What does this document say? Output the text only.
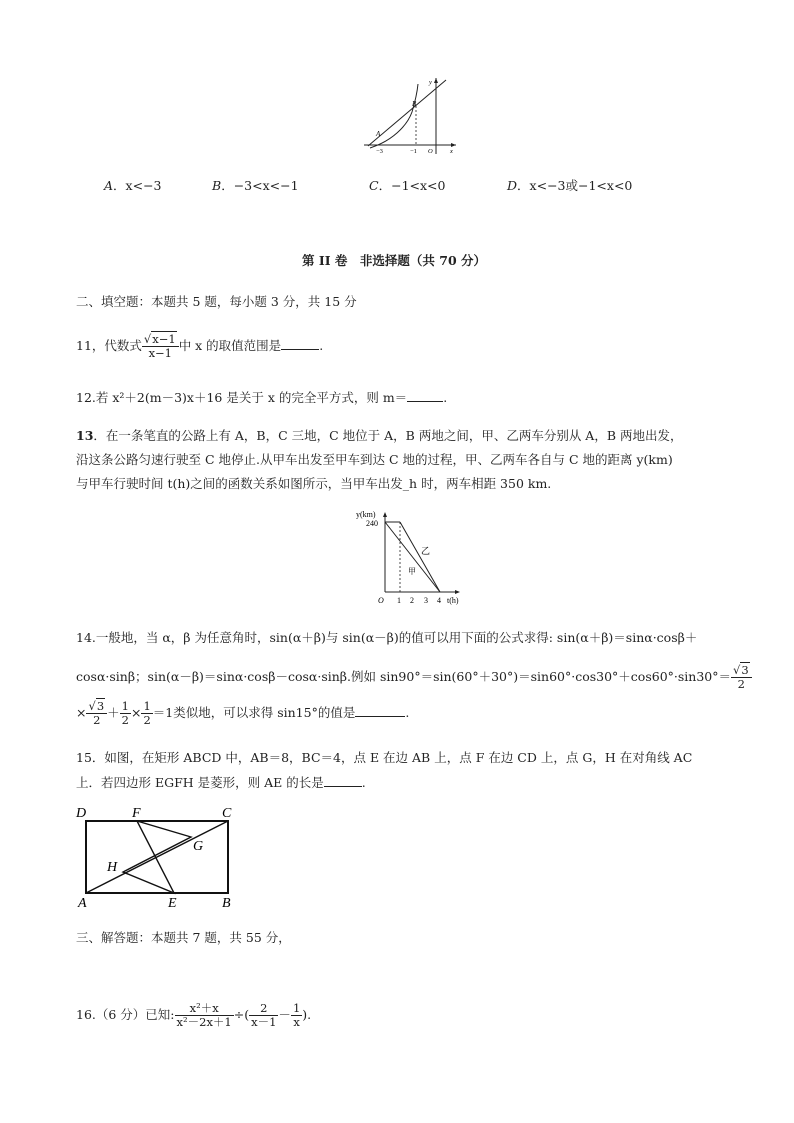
A
B
−3	−1 O	x
y
A．x<−3	B．−3<x<−1	C．−1<x<0	D．x<−3或−1<x<0
第 II 卷　非选择题（共 70 分）
二、填空题：本题共 5 题，每小题 3 分，共 15 分
11，代数式 $\frac{√x-1}{x-1}$ 中 x 的取值范围是	.
12.若 x²＋2(m－3)x＋16 是关于 x 的完全平方式，则 m＝	.
13．在一条笔直的公路上有 A，B，C 三地，C 地位于 A，B 两地之间，甲、乙两车分别从 A，B 两地出发，
沿这条公路匀速行驶至 C 地停止.从甲车出发至甲车到达 C 地的过程，甲、乙两车各自与 C 地的距离 y(km)
与甲车行驶时间 t(h)之间的函数关系如图所示，当甲车出发_h 时，两车相距 350 km.
y(km)
240
O 1 2 3 4 t(h)
乙
甲
14.一般地，当 α，β 为任意角时，sin(α＋β)与 sin(α－β)的值可以用下面的公式求得: sin(α＋β)＝sinα·cosβ＋
cosα·sinβ；sin(α－β)＝sinα·cosβ－cosα·sinβ.例如 $\sin 90^\circ=\sin(60^\circ+30^\circ)=\sin 60^\circ\cdot\cos 30^\circ+\cos 60^\circ\cdot\sin 30^\circ= \frac{√3}{2}$
× $\frac{√3}{2} + \frac{1}{2} \times \frac{1}{2} =1$类似地，可以求得 sin15°的值是	.
15．如图，在矩形 ABCD 中，AB＝8，BC＝4，点 E 在边 AB 上，点 F 在边 CD 上，点 G，H 在对角线 AC
上．若四边形 EGFH 是菱形，则 AE 的长是	.
D	F	C
G
H
A	E	B
三、解答题：本题共 7 题，共 55 分，
16.（6 分）已知: $\frac{\text{x²＋x}}{\text{x²－2x＋1}}$ ÷( $\frac{2}{x-1} - \frac{1}{x}$ ).
